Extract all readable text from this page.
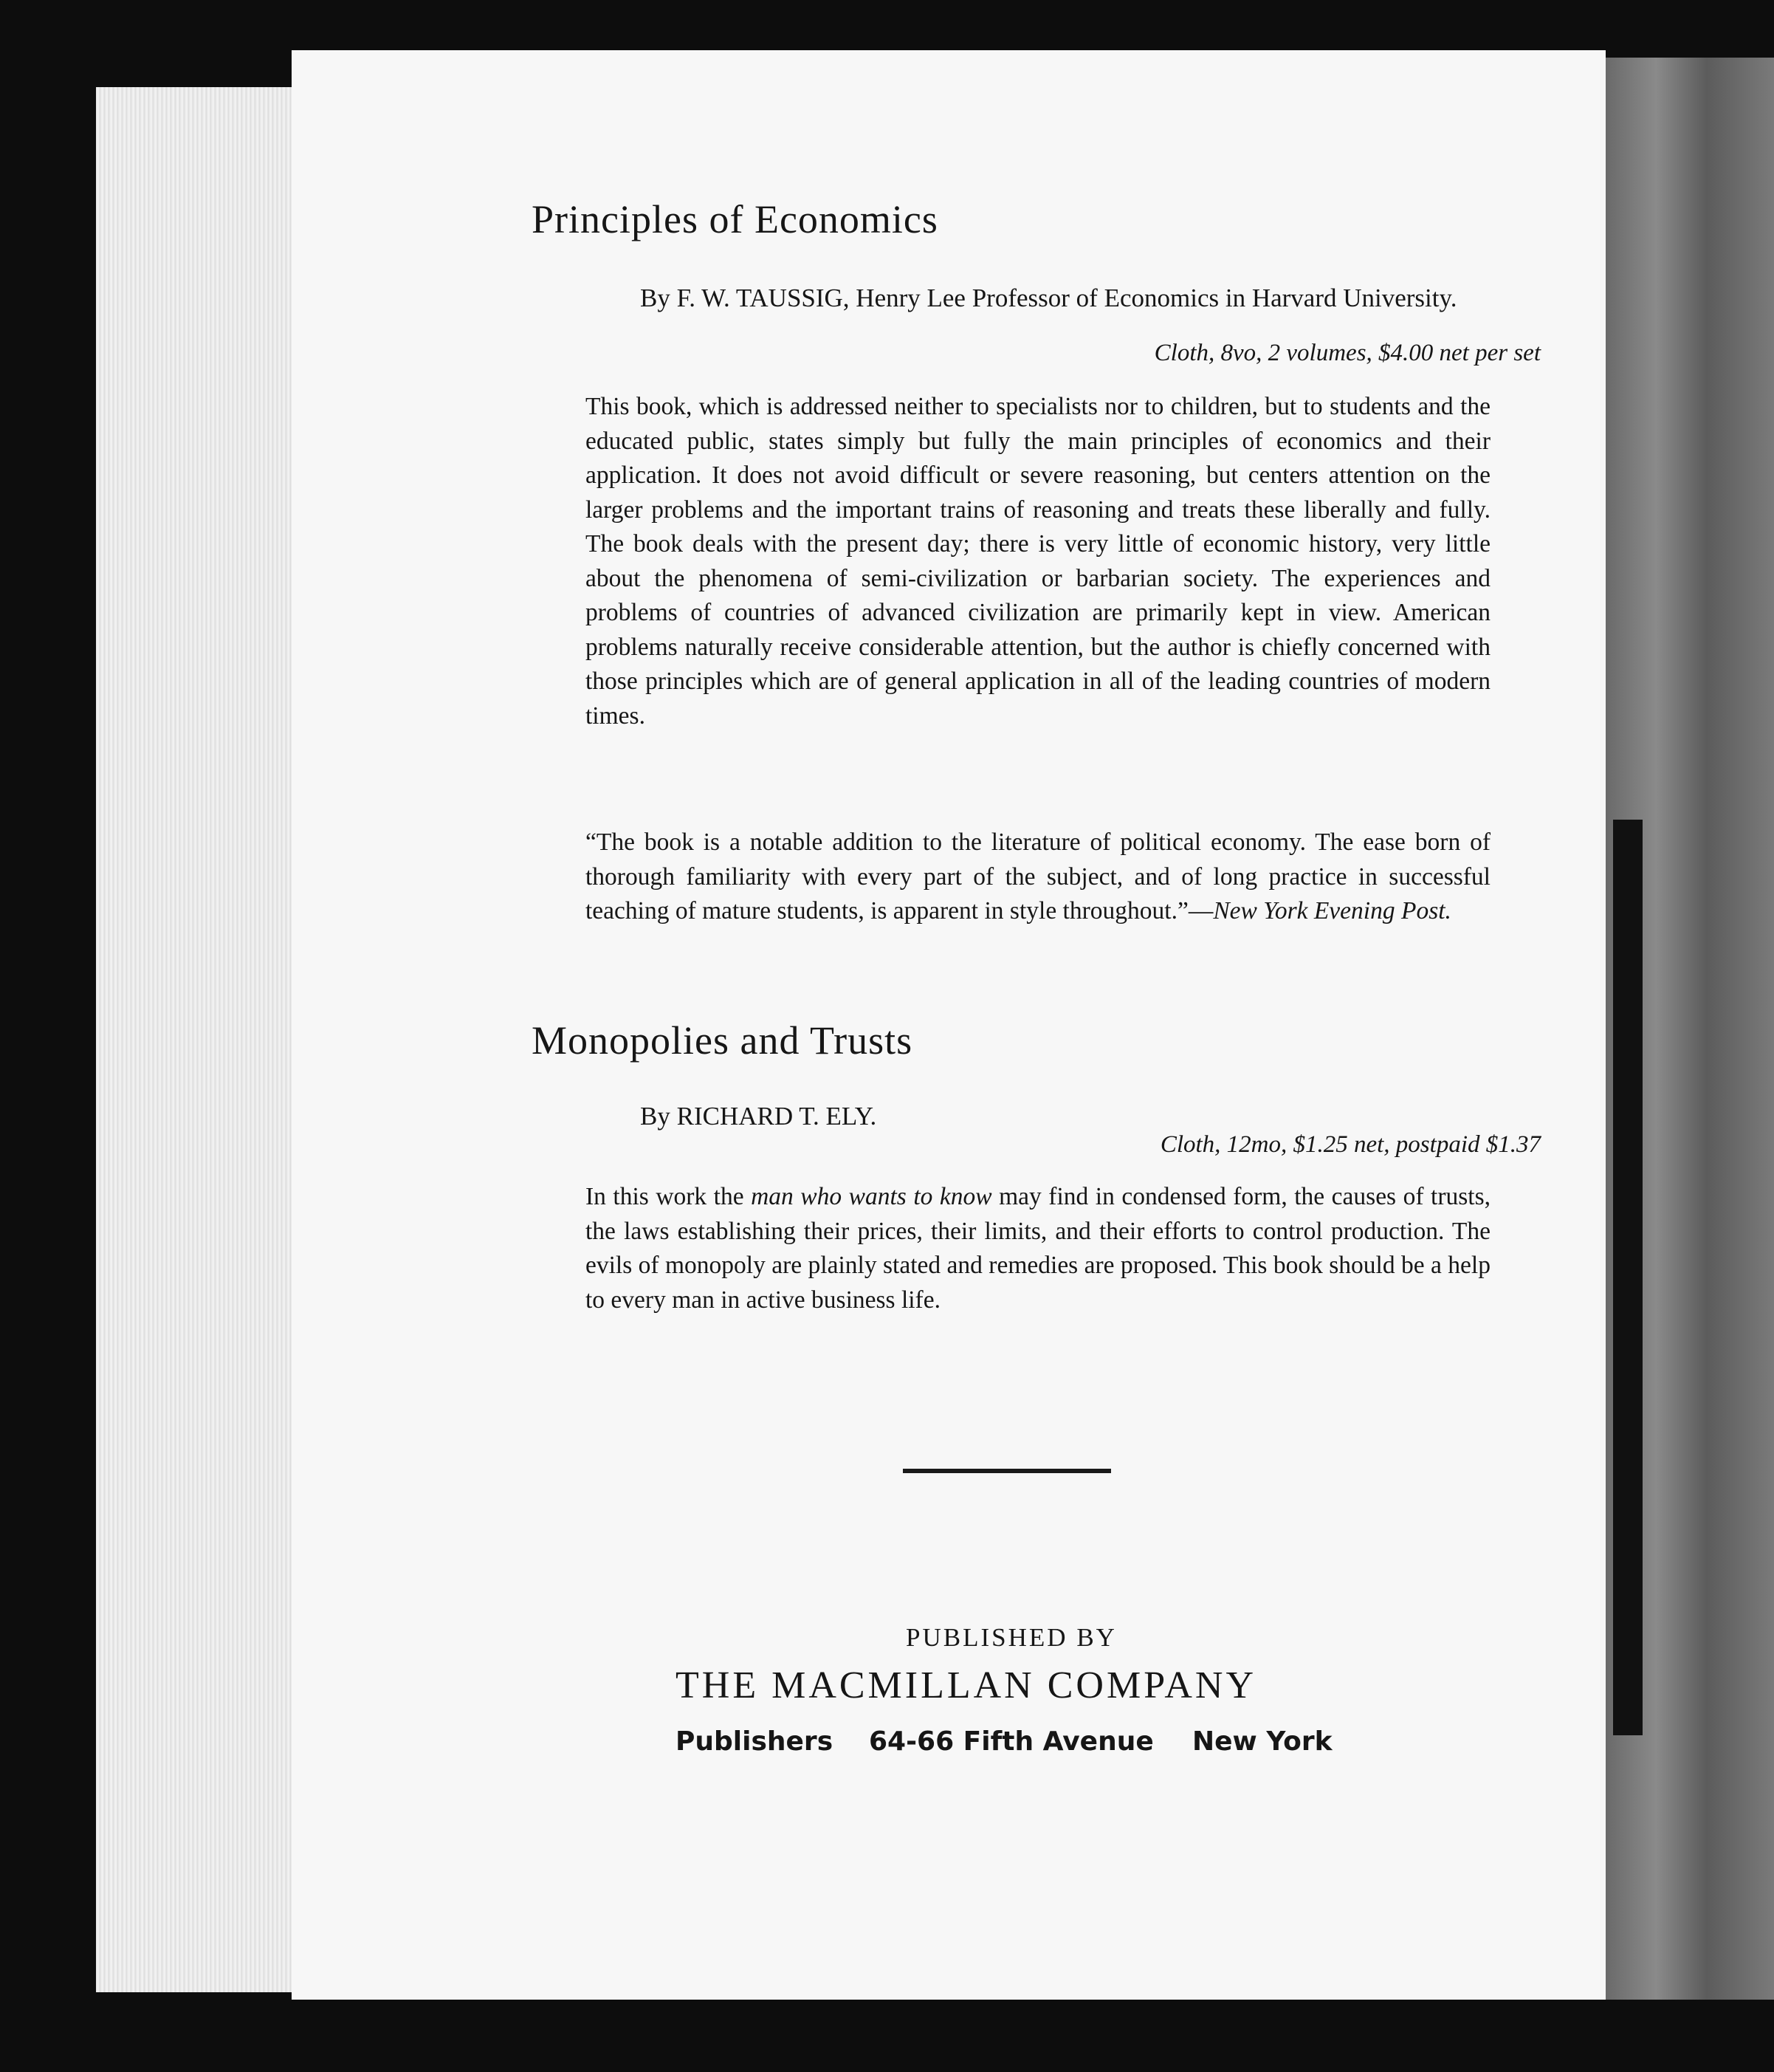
Principles of Economics
By F. W. TAUSSIG, Henry Lee Professor of Economics in Harvard University.
Cloth, 8vo, 2 volumes, $4.00 net per set
This book, which is addressed neither to specialists nor to children, but to students and the educated public, states simply but fully the main principles of economics and their application. It does not avoid difficult or severe reasoning, but centers attention on the larger problems and the important trains of reasoning and treats these liberally and fully. The book deals with the present day; there is very little of economic history, very little about the phenomena of semi-civilization or barbarian society. The experiences and problems of countries of advanced civilization are primarily kept in view. American problems naturally receive considerable attention, but the author is chiefly concerned with those principles which are of general application in all of the leading countries of modern times.
“The book is a notable addition to the literature of political economy. The ease born of thorough familiarity with every part of the subject, and of long practice in successful teaching of mature students, is apparent in style throughout.”—New York Evening Post.
Monopolies and Trusts
By RICHARD T. ELY.
Cloth, 12mo, $1.25 net, postpaid $1.37
In this work the man who wants to know may find in condensed form, the causes of trusts, the laws establishing their prices, their limits, and their efforts to control production. The evils of monopoly are plainly stated and remedies are proposed. This book should be a help to every man in active business life.
PUBLISHED BY
THE MACMILLAN COMPANY
Publishers 64-66 Fifth Avenue New York
